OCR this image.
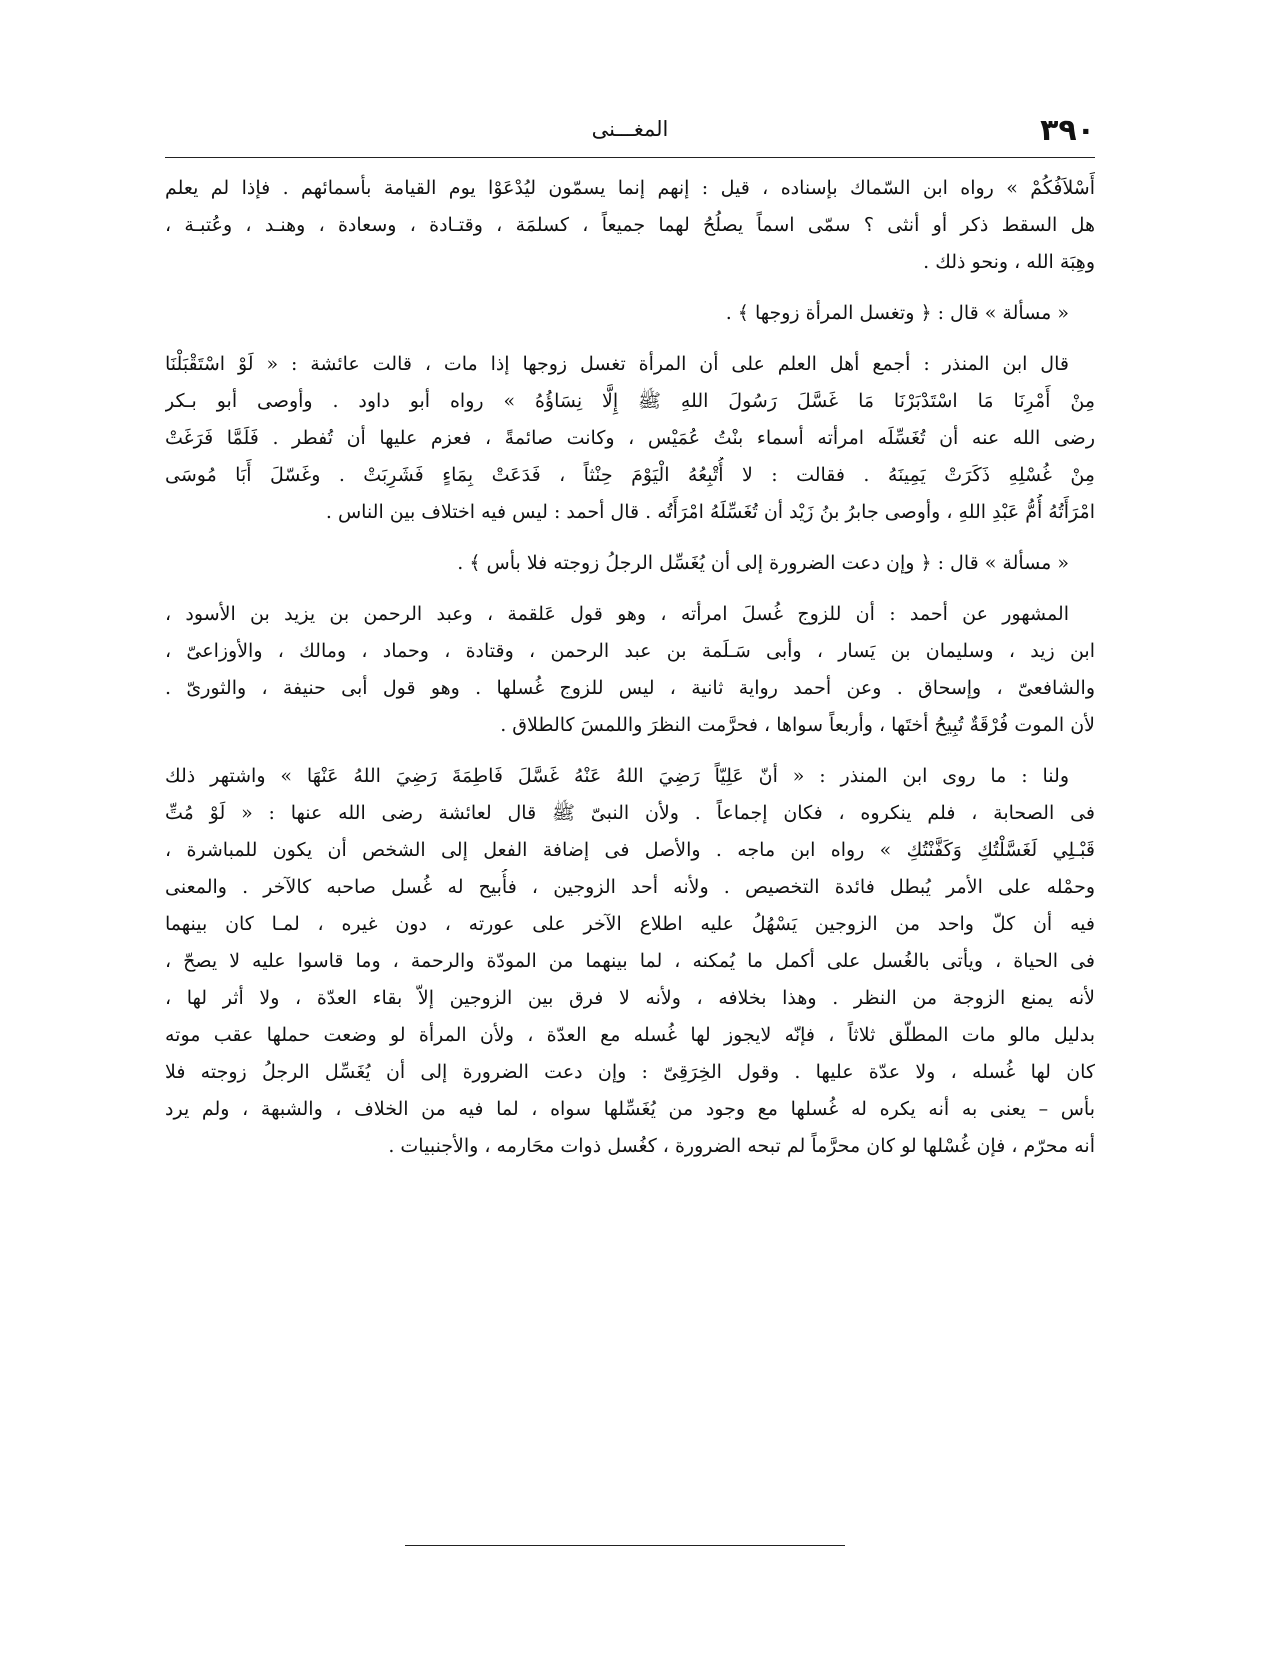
٣٩٠
المغـــنى
أَسْلاَفُكُمْ » رواه ابن السّماك بإسناده ، قيل : إنهم إنما يسمّون ليُدْعَوْا يوم القيامة بأسمائهم . فإذا لم يعلم
هل السقط ذكر أو أنثى ؟ سمّى اسماً يصلُحُ لهما جميعاً ، كسلمَة ، وقتـادة ، وسعادة ، وهنـد ، وعُتبـة ،
وهِبَة الله ، ونحو ذلك .
« مسألة » قال : ﴿ وتغسل المرأة زوجها ﴾ .
قال ابن المنذر : أجمع أهل العلم على أن المرأة تغسل زوجها إذا مات ، قالت عائشة : « لَوْ اسْتَقْبَلْنَا
مِنْ أَمْرِنَا مَا اسْتَدْبَرْنَا مَا غَسَّلَ رَسُولَ اللهِ ﷺ إِلَّا نِسَاؤُهُ » رواه أبو داود . وأوصى أبو بـكر
رضى الله عنه أن تُغَسِّلَه امرأته أسماء بنْتُ عُمَيْس ، وكانت صائمةً ، فعزم عليها أن تُفطر . فَلَمَّا فَرَغَتْ
مِنْ غُسْلِهِ ذَكَرَتْ يَمِينَهُ . فقالت : لا أُتْبِعُهُ الْيَوْمَ حِنْثاً ، فَدَعَتْ بِمَاءٍ فَشَرِبَتْ . وغَسّلَ أَبَا مُوسَى
امْرَأَتُهُ أُمُّ عَبْدِ اللهِ ، وأوصى جابرُ بنُ زَيْد أن تُغَسِّلَهُ امْرَأَتُه . قال أحمد : ليس فيه اختلاف بين الناس .
« مسألة » قال : ﴿ وإن دعت الضرورة إلى أن يُغَسِّل الرجلُ زوجته فلا بأس ﴾ .
المشهور عن أحمد : أن للزوج غُسلَ امرأته ، وهو قول عَلقمة ، وعبد الرحمن بن يزيد بن الأسود ،
ابن زيد ، وسليمان بن يَسار ، وأبى سَـلَمة بن عبد الرحمن ، وقتادة ، وحماد ، ومالك ، والأوزاعىّ ،
والشافعىّ ، وإسحاق . وعن أحمد رواية ثانية ، ليس للزوج غُسلها . وهو قول أبى حنيفة ، والثورىّ .
لأن الموت فُرْقَةٌ تُبِيحُ أختَها ، وأربعاً سواها ، فحرَّمت النظرَ واللمسَ كالطلاق .
ولنا : ما روى ابن المنذر : « أنّ عَلِيّاً رَضِيَ اللهُ عَنْهُ غَسَّلَ فَاطِمَةَ رَضِيَ اللهُ عَنْهَا » واشتهر ذلك
فى الصحابة ، فلم ينكروه ، فكان إجماعاً . ولأن النبىّ ﷺ قال لعائشة رضى الله عنها : « لَوْ مُتِّ
قَبْـلِي لَغَسَّلْتُكِ وَكَفَّنْتُكِ » رواه ابن ماجه . والأصل فى إضافة الفعل إلى الشخص أن يكون للمباشرة ،
وحمْله على الأمر يُبطل فائدة التخصيص . ولأنه أحد الزوجين ، فأُبيح له غُسل صاحبه كالآخر . والمعنى
فيه أن كلّ واحد من الزوجين يَسْهُلُ عليه اطلاع الآخر على عورته ، دون غيره ، لمـا كان بينهما
فى الحياة ، ويأتى بالغُسل على أكمل ما يُمكنه ، لما بينهما من المودّة والرحمة ، وما قاسوا عليه لا يصحّ ،
لأنه يمنع الزوجة من النظر . وهذا بخلافه ، ولأنه لا فرق بين الزوجين إلاّ بقاء العدّة ، ولا أثر لها ،
بدليل مالو مات المطلّق ثلاثاً ، فإنّه لايجوز لها غُسله مع العدّة ، ولأن المرأة لو وضعت حملها عقب موته
كان لها غُسله ، ولا عدّة عليها . وقول الخِرَقِىّ : وإن دعت الضرورة إلى أن يُغَسِّل الرجلُ زوجته فلا
بأس – يعنى به أنه يكره له غُسلها مع وجود من يُغَسِّلها سواه ، لما فيه من الخلاف ، والشبهة ، ولم يرد
أنه محرّم ، فإن غُسْلها لو كان محرَّماً لم تبحه الضرورة ، كغُسل ذوات محَارمه ، والأجنبيات .
